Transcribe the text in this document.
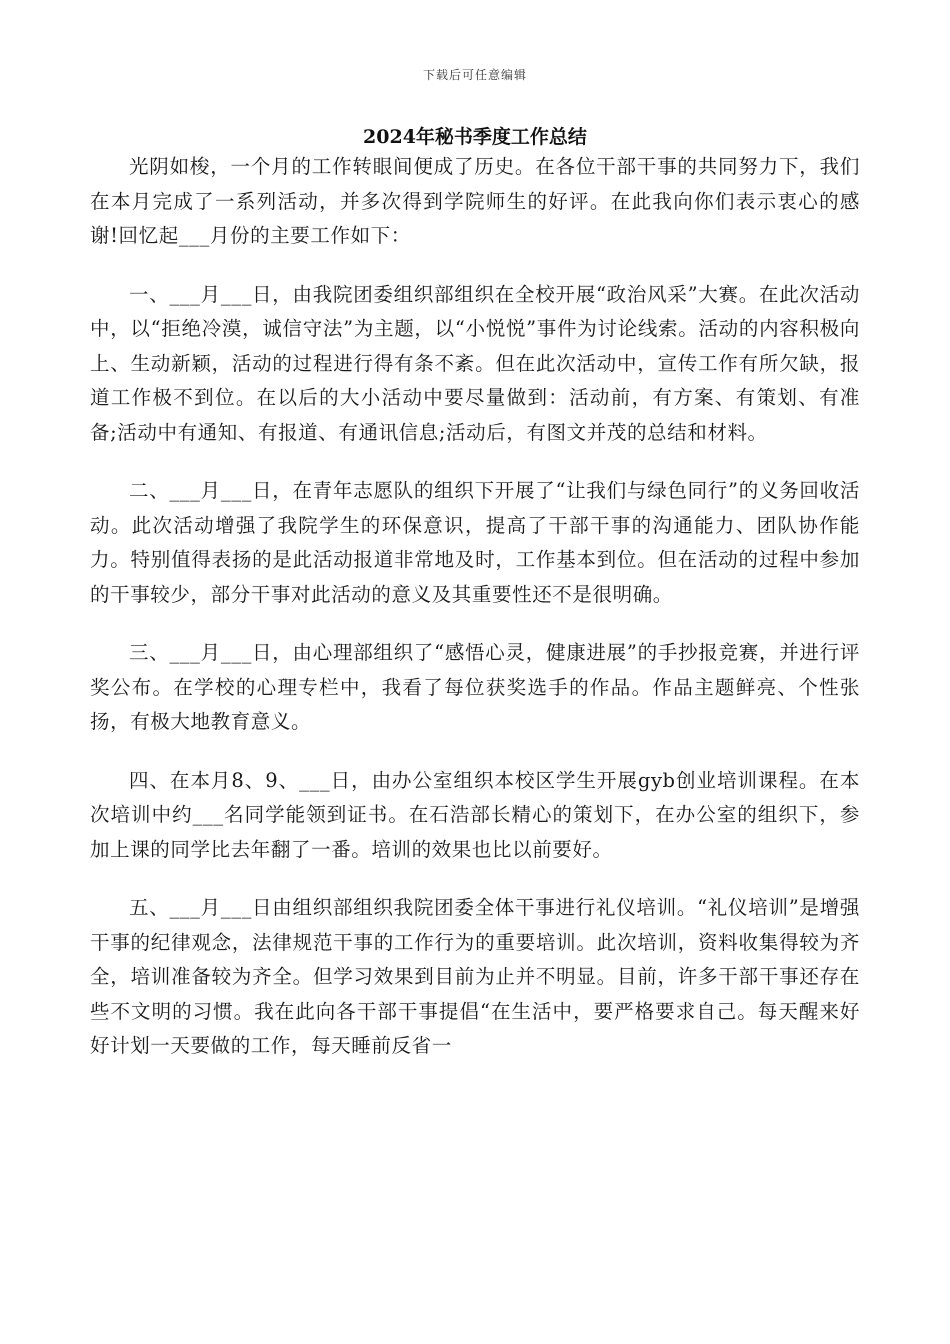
下载后可任意编辑
2024年秘书季度工作总结

光阴如梭，一个月的工作转眼间便成了历史。在各位干部干事的共同努力下，我们在本月完成了一系列活动，并多次得到学院师生的好评。在此我向你们表示衷心的感谢!回忆起___月份的主要工作如下：

一、___月___日，由我院团委组织部组织在全校开展“政治风采”大赛。在此次活动中，以“拒绝冷漠，诚信守法”为主题，以“小悦悦”事件为讨论线索。活动的内容积极向上、生动新颖，活动的过程进行得有条不紊。但在此次活动中，宣传工作有所欠缺，报道工作极不到位。在以后的大小活动中要尽量做到：活动前，有方案、有策划、有准备;活动中有通知、有报道、有通讯信息;活动后，有图文并茂的总结和材料。

二、___月___日，在青年志愿队的组织下开展了“让我们与绿色同行”的义务回收活动。此次活动增强了我院学生的环保意识，提高了干部干事的沟通能力、团队协作能力。特别值得表扬的是此活动报道非常地及时，工作基本到位。但在活动的过程中参加的干事较少，部分干事对此活动的意义及其重要性还不是很明确。

三、___月___日，由心理部组织了“感悟心灵，健康进展”的手抄报竞赛，并进行评奖公布。在学校的心理专栏中，我看了每位获奖选手的作品。作品主题鲜亮、个性张扬，有极大地教育意义。

四、在本月8、9、___日，由办公室组织本校区学生开展gyb创业培训课程。在本次培训中约___名同学能领到证书。在石浩部长精心的策划下，在办公室的组织下，参加上课的同学比去年翻了一番。培训的效果也比以前要好。

五、___月___日由组织部组织我院团委全体干事进行礼仪培训。“礼仪培训”是增强干事的纪律观念，法律规范干事的工作行为的重要培训。此次培训，资料收集得较为齐全，培训准备较为齐全。但学习效果到目前为止并不明显。目前，许多干部干事还存在些不文明的习惯。我在此向各干部干事提倡“在生活中，要严格要求自己。每天醒来好好计划一天要做的工作，每天睡前反省一
